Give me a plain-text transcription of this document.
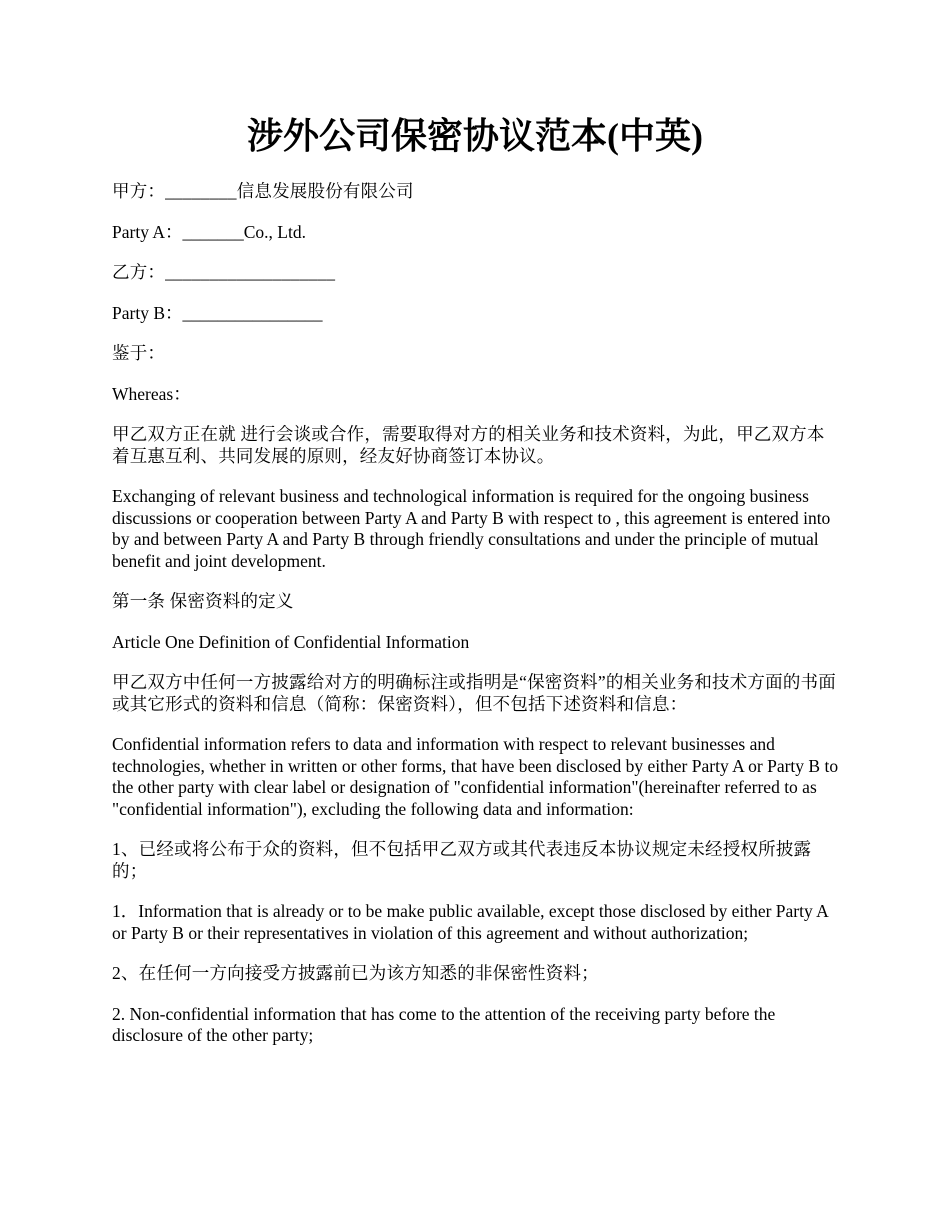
涉外公司保密协议范本(中英)

甲方：________信息发展股份有限公司

Party A：_______Co., Ltd.

乙方：___________________

Party B：________________

鉴于：

Whereas：

甲乙双方正在就 进行会谈或合作，需要取得对方的相关业务和技术资料，为此，甲乙双方本着互惠互利、共同发展的原则，经友好协商签订本协议。

Exchanging of relevant business and technological information is required for the ongoing business discussions or cooperation between Party A and Party B with respect to , this agreement is entered into by and between Party A and Party B through friendly consultations and under the principle of mutual benefit and joint development.

第一条 保密资料的定义

Article One Definition of Confidential Information

甲乙双方中任何一方披露给对方的明确标注或指明是“保密资料”的相关业务和技术方面的书面或其它形式的资料和信息（简称：保密资料），但不包括下述资料和信息：

Confidential information refers to data and information with respect to relevant businesses and technologies, whether in written or other forms, that have been disclosed by either Party A or Party B to the other party with clear label or designation of "confidential information"(hereinafter referred to as "confidential information"), excluding the following data and information:

1、已经或将公布于众的资料，但不包括甲乙双方或其代表违反本协议规定未经授权所披露的；

1．Information that is already or to be make public available, except those disclosed by either Party A or Party B or their representatives in violation of this agreement and without authorization;

2、在任何一方向接受方披露前已为该方知悉的非保密性资料；

2. Non-confidential information that has come to the attention of the receiving party before the disclosure of the other party;
